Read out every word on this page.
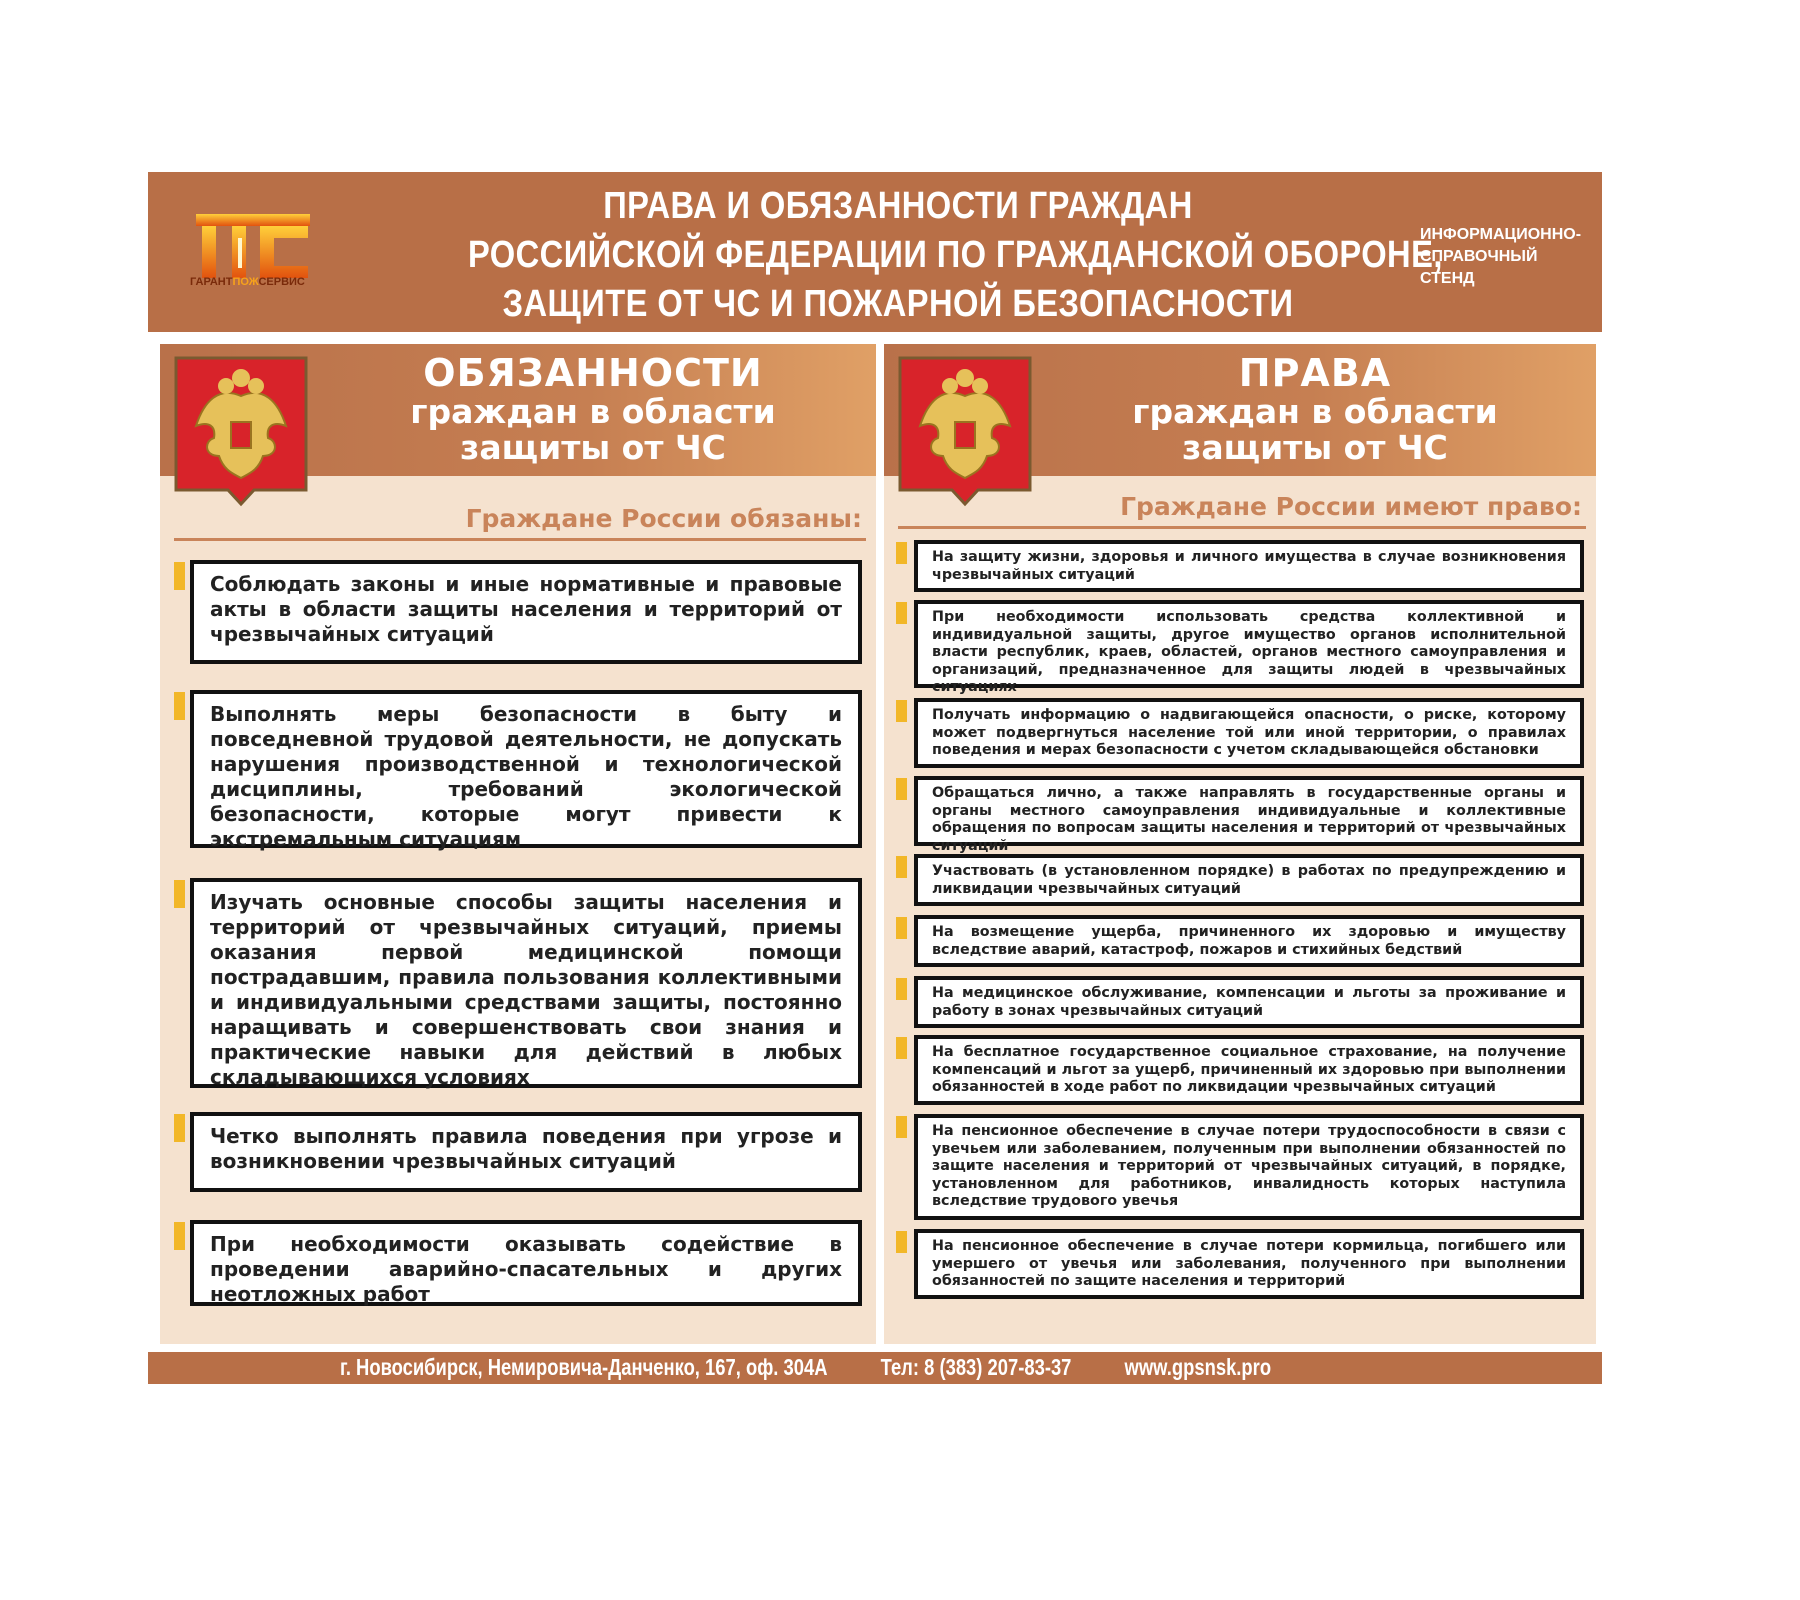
ГАРАНТПОЖСЕРВИС
ПРАВА И ОБЯЗАННОСТИ ГРАЖДАН
РОССИЙСКОЙ ФЕДЕРАЦИИ ПО ГРАЖДАНСКОЙ ОБОРОНЕ,
ЗАЩИТЕ ОТ ЧС И ПОЖАРНОЙ БЕЗОПАСНОСТИ
ИНФОРМАЦИОННО-
СПРАВОЧНЫЙ
СТЕНД
ОБЯЗАННОСТИ
граждан в области
защиты от ЧС
Граждане России обязаны:
Соблюдать законы и иные нормативные и правовые акты в области защиты населения и территорий от чрезвычайных ситуаций
Выполнять меры безопасности в быту и повседневной трудовой деятельности, не допускать нарушения производственной и технологической дисциплины, требований экологической безопасности, которые могут привести к экстремальным ситуациям
Изучать основные способы защиты населения и территорий от чрезвычайных ситуаций, приемы оказания первой медицинской помощи пострадавшим, правила пользования коллективными и индивидуальными средствами защиты, постоянно наращивать и совершенствовать свои знания и практические навыки для действий в любых складывающихся условиях
Четко выполнять правила поведения при угрозе и возникновении чрезвычайных ситуаций
При необходимости оказывать содействие в проведении аварийно-спасательных и других неотложных работ
ПРАВА
граждан в области
защиты от ЧС
Граждане России имеют право:
На защиту жизни, здоровья и личного имущества в случае возникновения чрезвычайных ситуаций
При необходимости использовать средства коллективной и индивидуальной защиты, другое имущество органов исполнительной власти республик, краев, областей, органов местного самоуправления и организаций, предназначенное для защиты людей в чрезвычайных ситуациях
Получать информацию о надвигающейся опасности, о риске, которому может подвергнуться население той или иной территории, о правилах поведения и мерах безопасности с учетом складывающейся обстановки
Обращаться лично, а также направлять в государственные органы и органы местного самоуправления индивидуальные и коллективные обращения по вопросам защиты населения и территорий от чрезвычайных ситуаций
Участвовать (в установленном порядке) в работах по предупреждению и ликвидации чрезвычайных ситуаций
На возмещение ущерба, причиненного их здоровью и имуществу вследствие аварий, катастроф, пожаров и стихийных бедствий
На медицинское обслуживание, компенсации и льготы за проживание и работу в зонах чрезвычайных ситуаций
На бесплатное государственное социальное страхование, на получение компенсаций и льгот за ущерб, причиненный их здоровью при выполнении обязанностей в ходе работ по ликвидации чрезвычайных ситуаций
На пенсионное обеспечение в случае потери трудоспособности в связи с увечьем или заболеванием, полученным при выполнении обязанностей по защите населения и территорий от чрезвычайных ситуаций, в порядке, установленном для работников, инвалидность которых наступила вследствие трудового увечья
На пенсионное обеспечение в случае потери кормильца, погибшего или умершего от увечья или заболевания, полученного при выполнении обязанностей по защите населения и территорий
г. Новосибирск, Немировича-Данченко, 167, оф. 304А Тел: 8 (383) 207-83-37 www.gpsnsk.pro
